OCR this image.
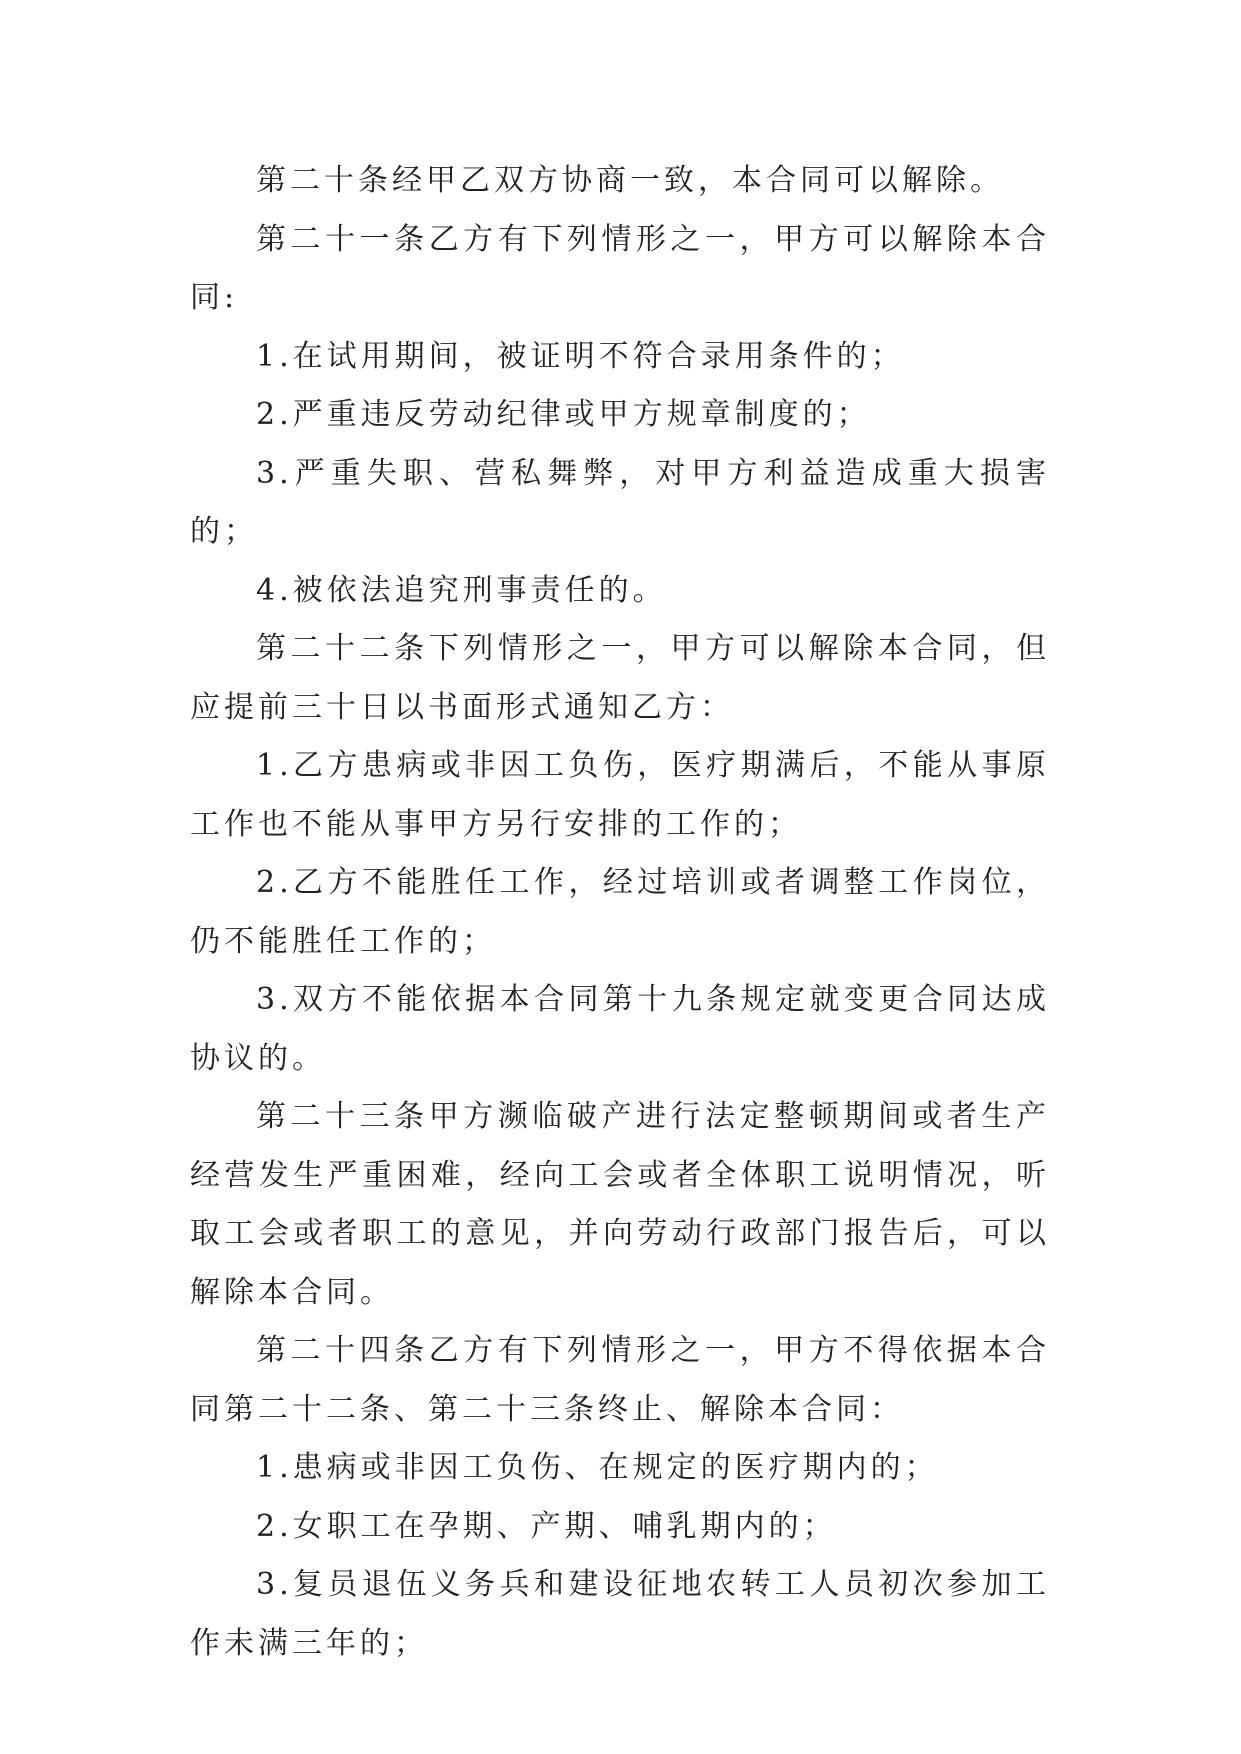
第二十条经甲乙双方协商一致，本合同可以解除。

第二十一条乙方有下列情形之一，甲方可以解除本合同:

1.在试用期间，被证明不符合录用条件的；

2.严重违反劳动纪律或甲方规章制度的；

3.严重失职、营私舞弊，对甲方利益造成重大损害的；

4.被依法追究刑事责任的。

第二十二条下列情形之一，甲方可以解除本合同，但应提前三十日以书面形式通知乙方：

1.乙方患病或非因工负伤，医疗期满后，不能从事原工作也不能从事甲方另行安排的工作的；

2.乙方不能胜任工作，经过培训或者调整工作岗位，仍不能胜任工作的；

3.双方不能依据本合同第十九条规定就变更合同达成协议的。

第二十三条甲方濒临破产进行法定整顿期间或者生产经营发生严重困难，经向工会或者全体职工说明情况，听取工会或者职工的意见，并向劳动行政部门报告后，可以解除本合同。

第二十四条乙方有下列情形之一，甲方不得依据本合同第二十二条、第二十三条终止、解除本合同：

1.患病或非因工负伤、在规定的医疗期内的；

2.女职工在孕期、产期、哺乳期内的；

3.复员退伍义务兵和建设征地农转工人员初次参加工作未满三年的；
